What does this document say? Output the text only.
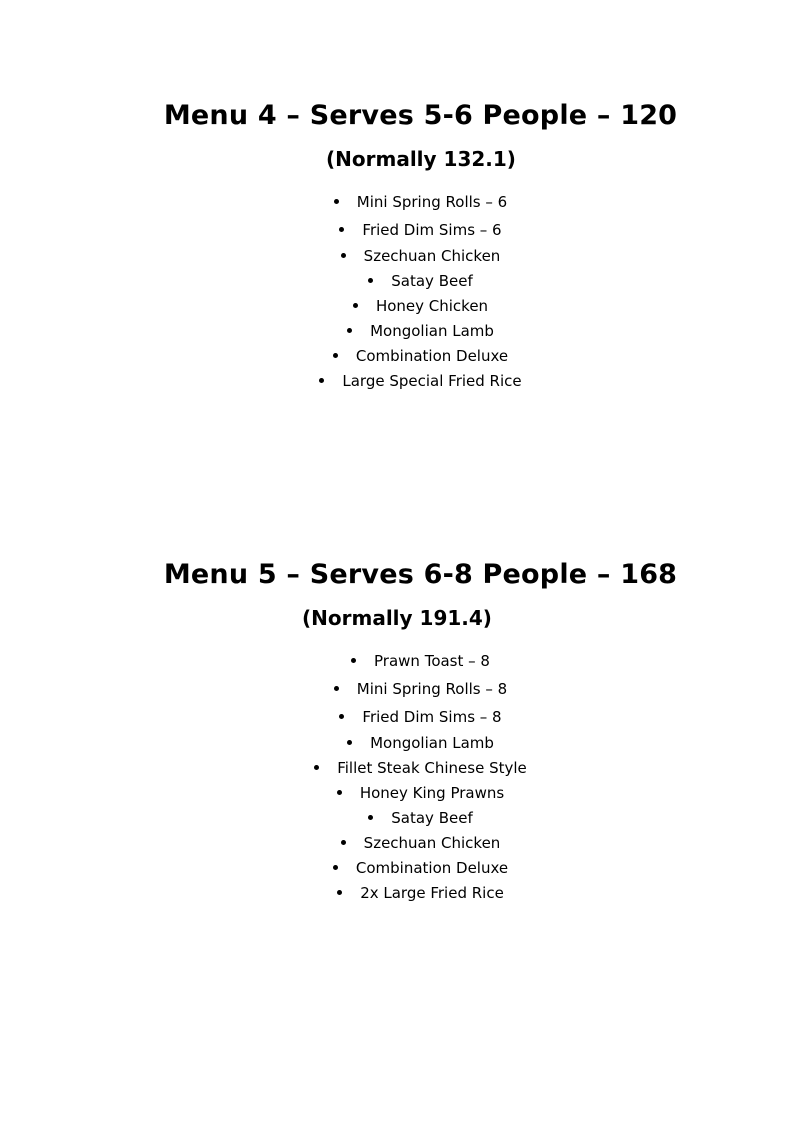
Menu 4 – Serves 5-6 People – 120
(Normally 132.1)
Mini Spring Rolls – 6
Fried Dim Sims – 6
Szechuan Chicken
Satay Beef
Honey Chicken
Mongolian Lamb
Combination Deluxe
Large Special Fried Rice
Menu 5 – Serves 6-8 People – 168
(Normally 191.4)
Prawn Toast – 8
Mini Spring Rolls – 8
Fried Dim Sims – 8
Mongolian Lamb
Fillet Steak Chinese Style
Honey King Prawns
Satay Beef
Szechuan Chicken
Combination Deluxe
2x Large Fried Rice
